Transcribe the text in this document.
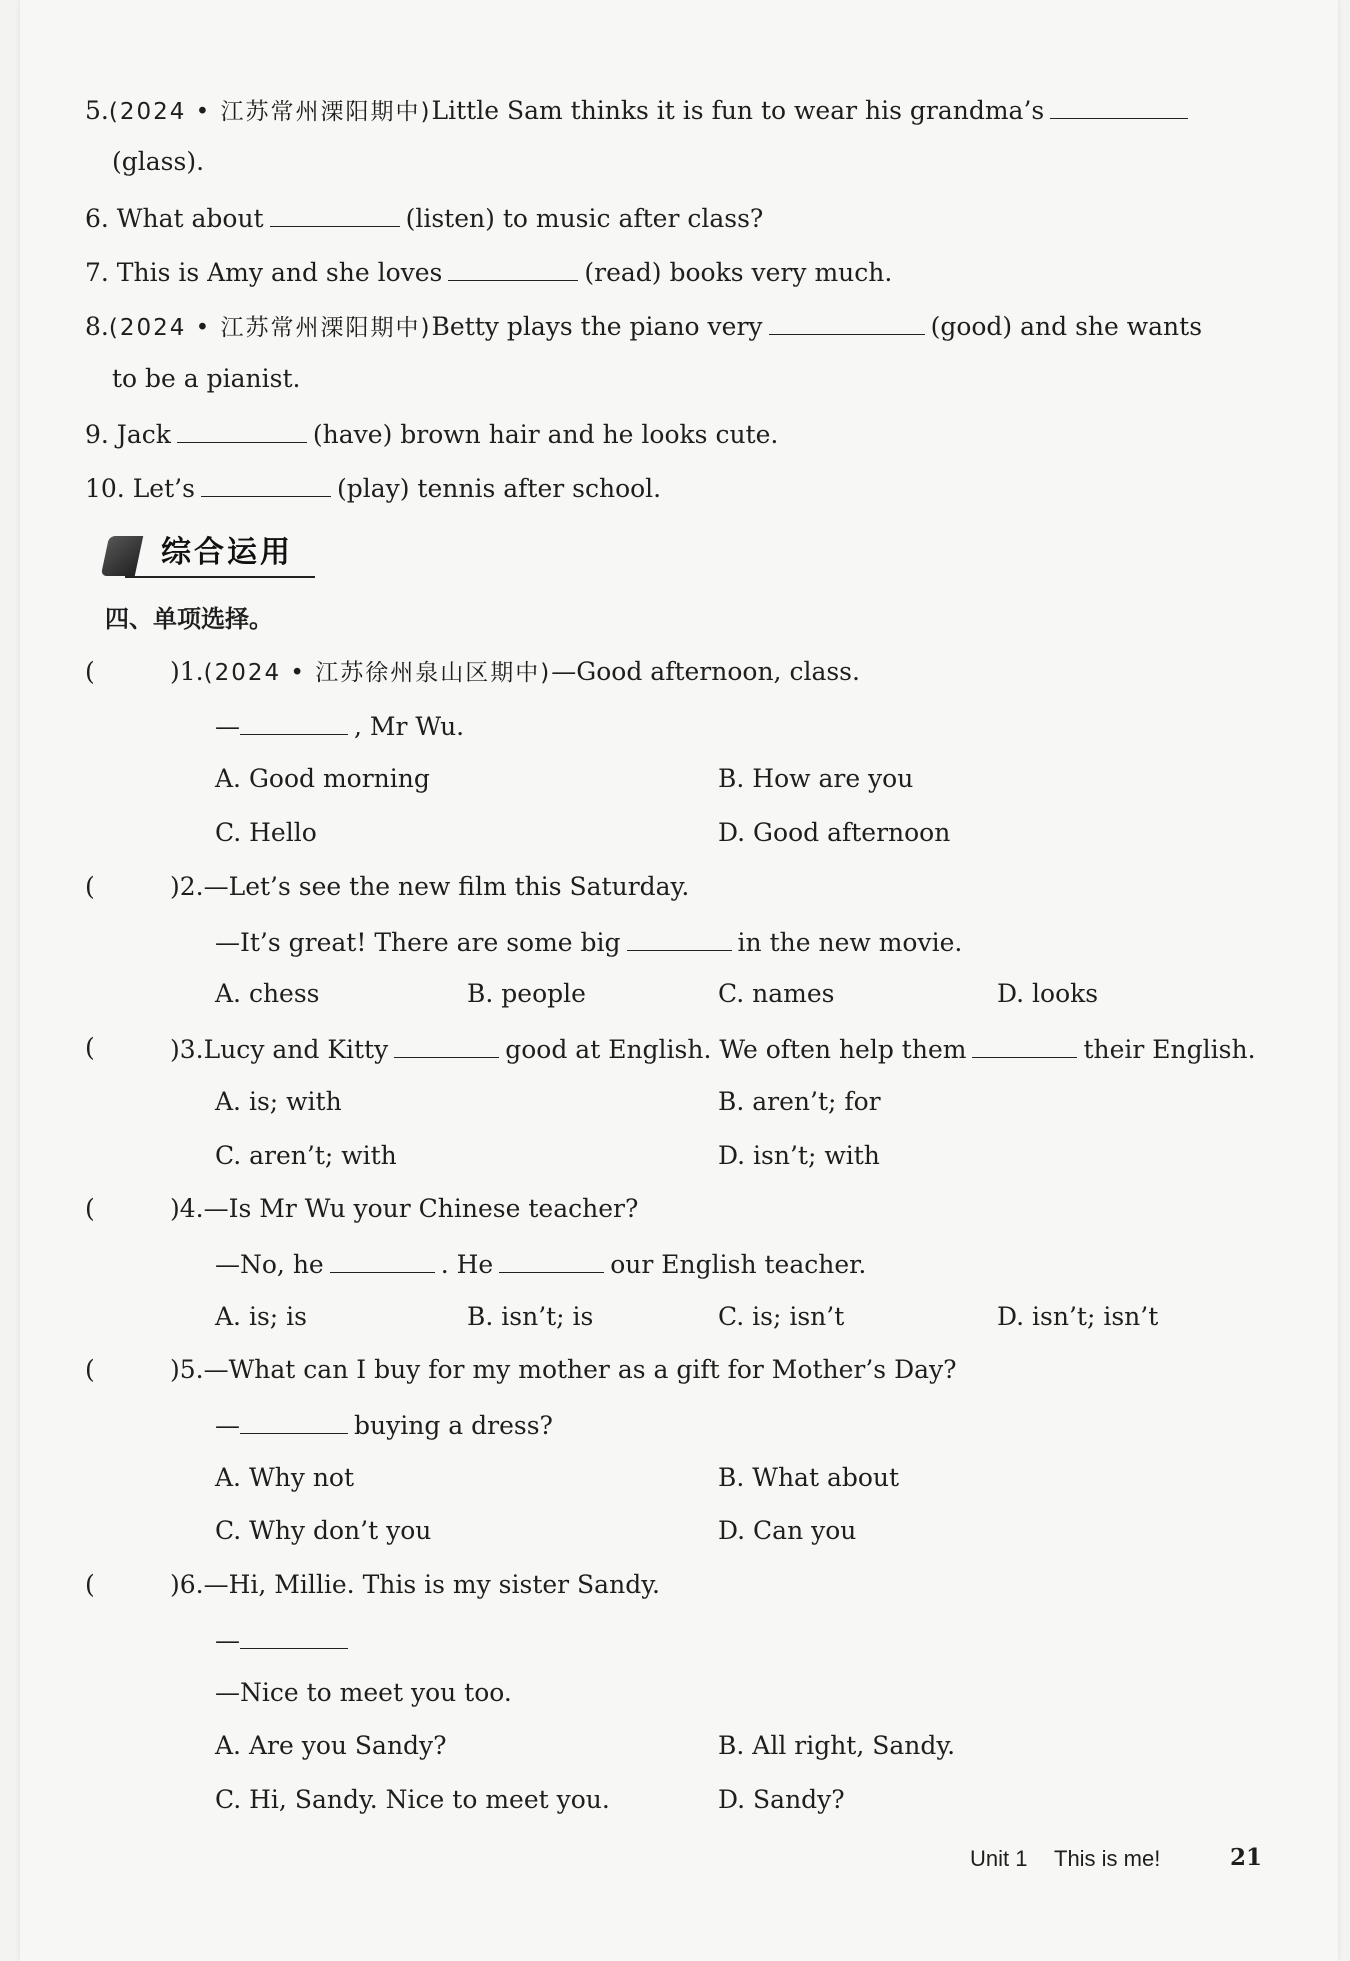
5.(2024 • 江苏常州溧阳期中)Little Sam thinks it is fun to wear his grandma’s
(glass).
6. What about	(listen) to music after class?
7. This is Amy and she loves	(read) books very much.
8.(2024 • 江苏常州溧阳期中)Betty plays the piano very	(good) and she wants
to be a pianist.
9. Jack	(have) brown hair and he looks cute.
10. Let’s	(play) tennis after school.
综合运用
四、单项选择。
(	)1.(2024 • 江苏徐州泉山区期中)—Good afternoon, class.
—	, Mr Wu.
A. Good morning	B. How are you
C. Hello	D. Good afternoon
(	)2.—Let’s see the new film this Saturday.
—It’s great! There are some big	in the new movie.
A. chess	B. people	C. names	D. looks
(	)3.Lucy and Kitty	good at English. We often help them	their English.
A. is; with	B. aren’t; for
C. aren’t; with	D. isn’t; with
(	)4.—Is Mr Wu your Chinese teacher?
—No, he	. He	our English teacher.
A. is; is	B. isn’t; is	C. is; isn’t	D. isn’t; isn’t
(	)5.—What can I buy for my mother as a gift for Mother’s Day?
—	buying a dress?
A. Why not	B. What about
C. Why don’t you	D. Can you
(	)6.—Hi, Millie. This is my sister Sandy.
—
—Nice to meet you too.
A. Are you Sandy?	B. All right, Sandy.
C. Hi, Sandy. Nice to meet you.	D. Sandy?
Unit 1 This is me!	21
